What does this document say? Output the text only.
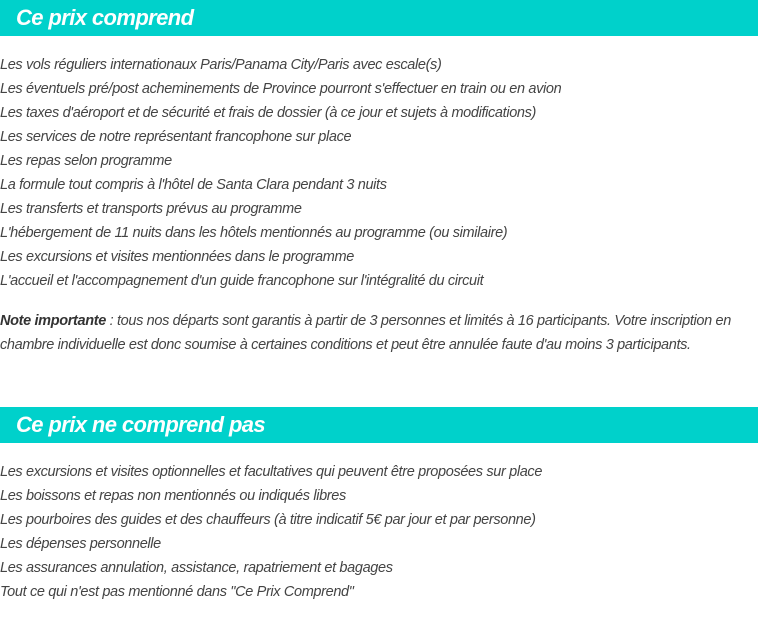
Ce prix comprend
Les vols réguliers internationaux Paris/Panama City/Paris avec escale(s)
Les éventuels pré/post acheminements de Province pourront s'effectuer en train ou en avion
Les taxes d'aéroport et de sécurité et frais de dossier (à ce jour et sujets à modifications)
Les services de notre représentant francophone sur place
Les repas selon programme
La formule tout compris à l'hôtel de Santa Clara pendant 3 nuits
Les transferts et transports prévus au programme
L'hébergement de 11 nuits dans les hôtels mentionnés au programme (ou similaire)
Les excursions et visites mentionnées dans le programme
L'accueil et l'accompagnement d'un guide francophone sur l'intégralité du circuit

Note importante : tous nos départs sont garantis à partir de 3 personnes et limités à 16 participants. Votre inscription en chambre individuelle est donc soumise à certaines conditions et peut être annulée faute d'au moins 3 participants.

Ce prix ne comprend pas
Les excursions et visites optionnelles et facultatives qui peuvent être proposées sur place
Les boissons et repas non mentionnés ou indiqués libres
Les pourboires des guides et des chauffeurs (à titre indicatif 5€ par jour et par personne)
Les dépenses personnelle
Les assurances annulation, assistance, rapatriement et bagages
Tout ce qui n'est pas mentionné dans "Ce Prix Comprend"
